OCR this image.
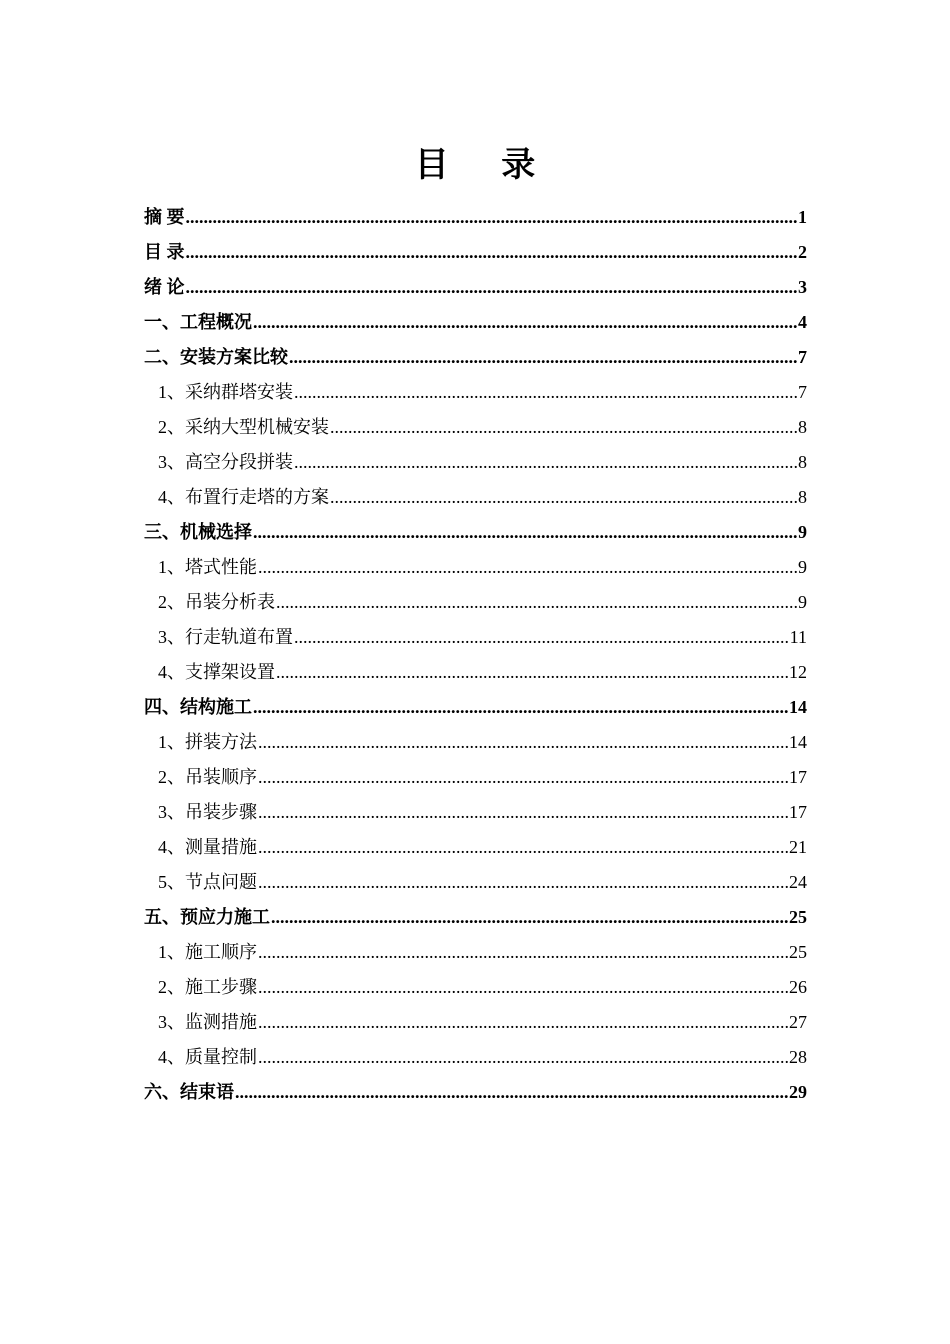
目 录
摘 要 .....	1
目 录 .....	2
绪 论 .....	3
一、工程概况 .....	4
二、安装方案比较 .....	7
1、采纳群塔安装 .....	7
2、采纳大型机械安装 .....	8
3、高空分段拼装 .....	8
4、布置行走塔的方案 .....	8
三、机械选择 .....	9
1、塔式性能 .....	9
2、吊装分析表 .....	9
3、行走轨道布置 .....	11
4、支撑架设置 .....	12
四、结构施工 .....	14
1、拼装方法 .....	14
2、吊装顺序 .....	17
3、吊装步骤 .....	17
4、测量措施 .....	21
5、节点问题 .....	24
五、预应力施工 .....	25
1、施工顺序 .....	25
2、施工步骤 .....	26
3、监测措施 .....	27
4、质量控制 .....	28
六、结束语 .....	29
